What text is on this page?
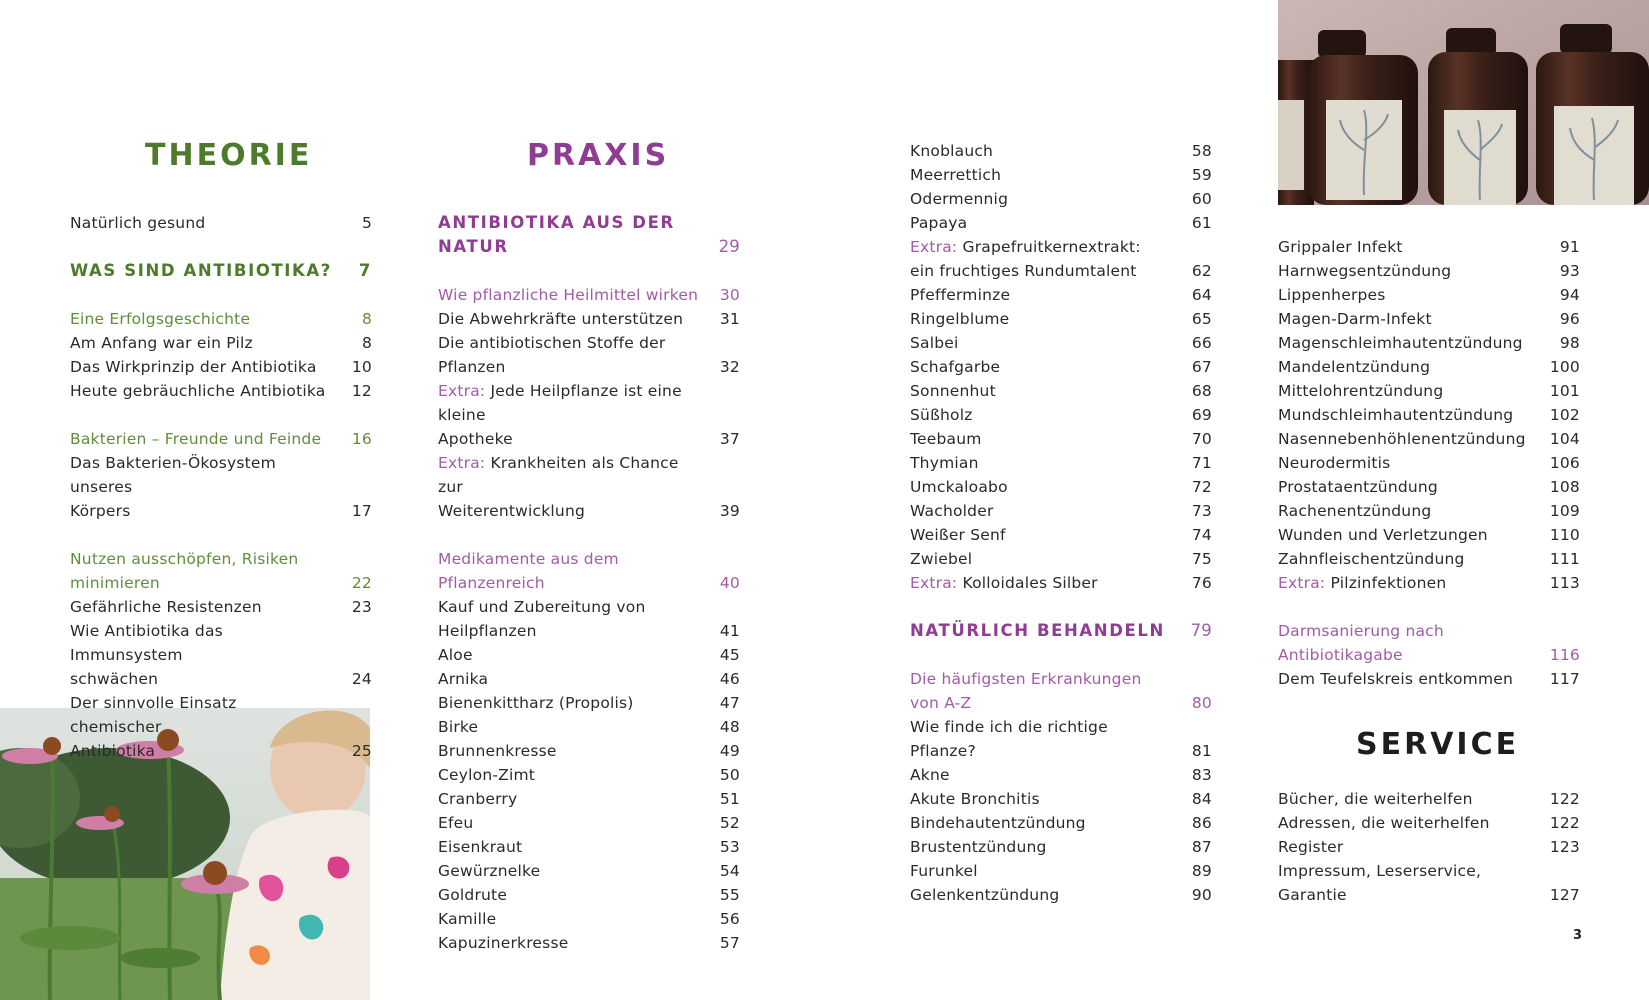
THEORIE	PRAXIS
SERVICE
Natürlich gesund	5
WAS SIND ANTIBIOTIKA?	7
Eine Erfolgsgeschichte	8
Am Anfang war ein Pilz	8
Das Wirkprinzip der Antibiotika	10
Heute gebräuchliche Antibiotika	12
Bakterien – Freunde und Feinde	16
Das Bakterien-Ökosystem unseres
Körpers	17
Nutzen ausschöpfen, Risiken
minimieren	22
Gefährliche Resistenzen	23
Wie Antibiotika das Immunsystem
schwächen	24
Der sinnvolle Einsatz chemischer
Antibiotika	25
ANTIBIOTIKA AUS DER
NATUR	29
Wie pflanzliche Heilmittel wirken	30
Die Abwehrkräfte unterstützen	31
Die antibiotischen Stoffe der
Pflanzen	32
Extra: Jede Heilpflanze ist eine kleine
Apotheke	37
Extra: Krankheiten als Chance zur
Weiterentwicklung	39
Medikamente aus dem Pflanzenreich	40
Kauf und Zubereitung von
Heilpflanzen	41
Aloe	45
Arnika	46
Bienenkittharz (Propolis)	47
Birke	48
Brunnenkresse	49
Ceylon-Zimt	50
Cranberry	51
Efeu	52
Eisenkraut	53
Gewürznelke	54
Goldrute	55
Kamille	56
Kapuzinerkresse	57
Knoblauch	58
Meerrettich	59
Odermennig	60
Papaya	61
Extra: Grapefruitkernextrakt:
ein fruchtiges Rundumtalent	62
Pfefferminze	64
Ringelblume	65
Salbei	66
Schafgarbe	67
Sonnenhut	68
Süßholz	69
Teebaum	70
Thymian	71
Umckaloabo	72
Wacholder	73
Weißer Senf	74
Zwiebel	75
Extra: Kolloidales Silber	76
NATÜRLICH BEHANDELN	79
Die häufigsten Erkrankungen
von A-Z	80
Wie finde ich die richtige Pflanze?	81
Akne	83
Akute Bronchitis	84
Bindehautentzündung	86
Brustentzündung	87
Furunkel	89
Gelenkentzündung	90
Grippaler Infekt	91
Harnwegsentzündung	93
Lippenherpes	94
Magen-Darm-Infekt	96
Magenschleimhautentzündung	98
Mandelentzündung	100
Mittelohrentzündung	101
Mundschleimhautentzündung	102
Nasennebenhöhlenentzündung	104
Neurodermitis	106
Prostataentzündung	108
Rachenentzündung	109
Wunden und Verletzungen	110
Zahnfleischentzündung	111
Extra: Pilzinfektionen	113
Darmsanierung nach
Antibiotikagabe	116
Dem Teufelskreis entkommen	117
Bücher, die weiterhelfen	122
Adressen, die weiterhelfen	122
Register	123
Impressum, Leserservice, Garantie	127
3
